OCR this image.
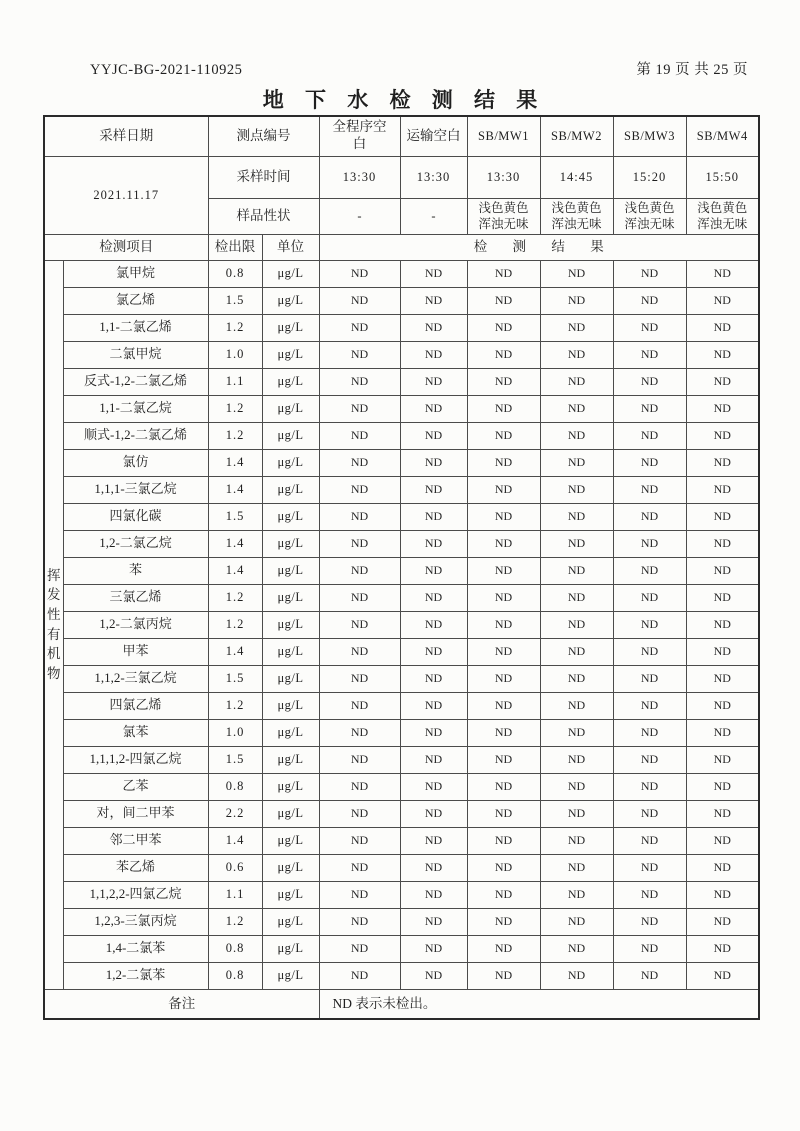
YYJC-BG-2021-110925	第 19 页 共 25 页
地 下 水 检 测 结 果
采样日期		测点编号		全程序空白	运输空白	SB/MW1	SB/MW2	SB/MW3	SB/MW4
2021.11.17		采样时间		13:30	13:30	13:30	14:45	15:20	15:50
		样品性状		-	-	浅色黄色浑浊无味	浅色黄色浑浊无味	浅色黄色浑浊无味	浅色黄色浑浊无味
检测项目		检出限	单位	检 测 结 果					
挥发性有机物	氯甲烷	0.8	μg/L	ND	ND	ND	ND	ND	ND
	氯乙烯	1.5	μg/L	ND	ND	ND	ND	ND	ND
	1,1-二氯乙烯	1.2	μg/L	ND	ND	ND	ND	ND	ND
	二氯甲烷	1.0	μg/L	ND	ND	ND	ND	ND	ND
	反式-1,2-二氯乙烯	1.1	μg/L	ND	ND	ND	ND	ND	ND
	1,1-二氯乙烷	1.2	μg/L	ND	ND	ND	ND	ND	ND
	顺式-1,2-二氯乙烯	1.2	μg/L	ND	ND	ND	ND	ND	ND
	氯仿	1.4	μg/L	ND	ND	ND	ND	ND	ND
	1,1,1-三氯乙烷	1.4	μg/L	ND	ND	ND	ND	ND	ND
	四氯化碳	1.5	μg/L	ND	ND	ND	ND	ND	ND
	1,2-二氯乙烷	1.4	μg/L	ND	ND	ND	ND	ND	ND
	苯	1.4	μg/L	ND	ND	ND	ND	ND	ND
	三氯乙烯	1.2	μg/L	ND	ND	ND	ND	ND	ND
	1,2-二氯丙烷	1.2	μg/L	ND	ND	ND	ND	ND	ND
	甲苯	1.4	μg/L	ND	ND	ND	ND	ND	ND
	1,1,2-三氯乙烷	1.5	μg/L	ND	ND	ND	ND	ND	ND
	四氯乙烯	1.2	μg/L	ND	ND	ND	ND	ND	ND
	氯苯	1.0	μg/L	ND	ND	ND	ND	ND	ND
	1,1,1,2-四氯乙烷	1.5	μg/L	ND	ND	ND	ND	ND	ND
	乙苯	0.8	μg/L	ND	ND	ND	ND	ND	ND
	对，间二甲苯	2.2	μg/L	ND	ND	ND	ND	ND	ND
	邻二甲苯	1.4	μg/L	ND	ND	ND	ND	ND	ND
	苯乙烯	0.6	μg/L	ND	ND	ND	ND	ND	ND
	1,1,2,2-四氯乙烷	1.1	μg/L	ND	ND	ND	ND	ND	ND
	1,2,3-三氯丙烷	1.2	μg/L	ND	ND	ND	ND	ND	ND
	1,4-二氯苯	0.8	μg/L	ND	ND	ND	ND	ND	ND
	1,2-二氯苯	0.8	μg/L	ND	ND	ND	ND	ND	ND
备注				ND 表示未检出。					
